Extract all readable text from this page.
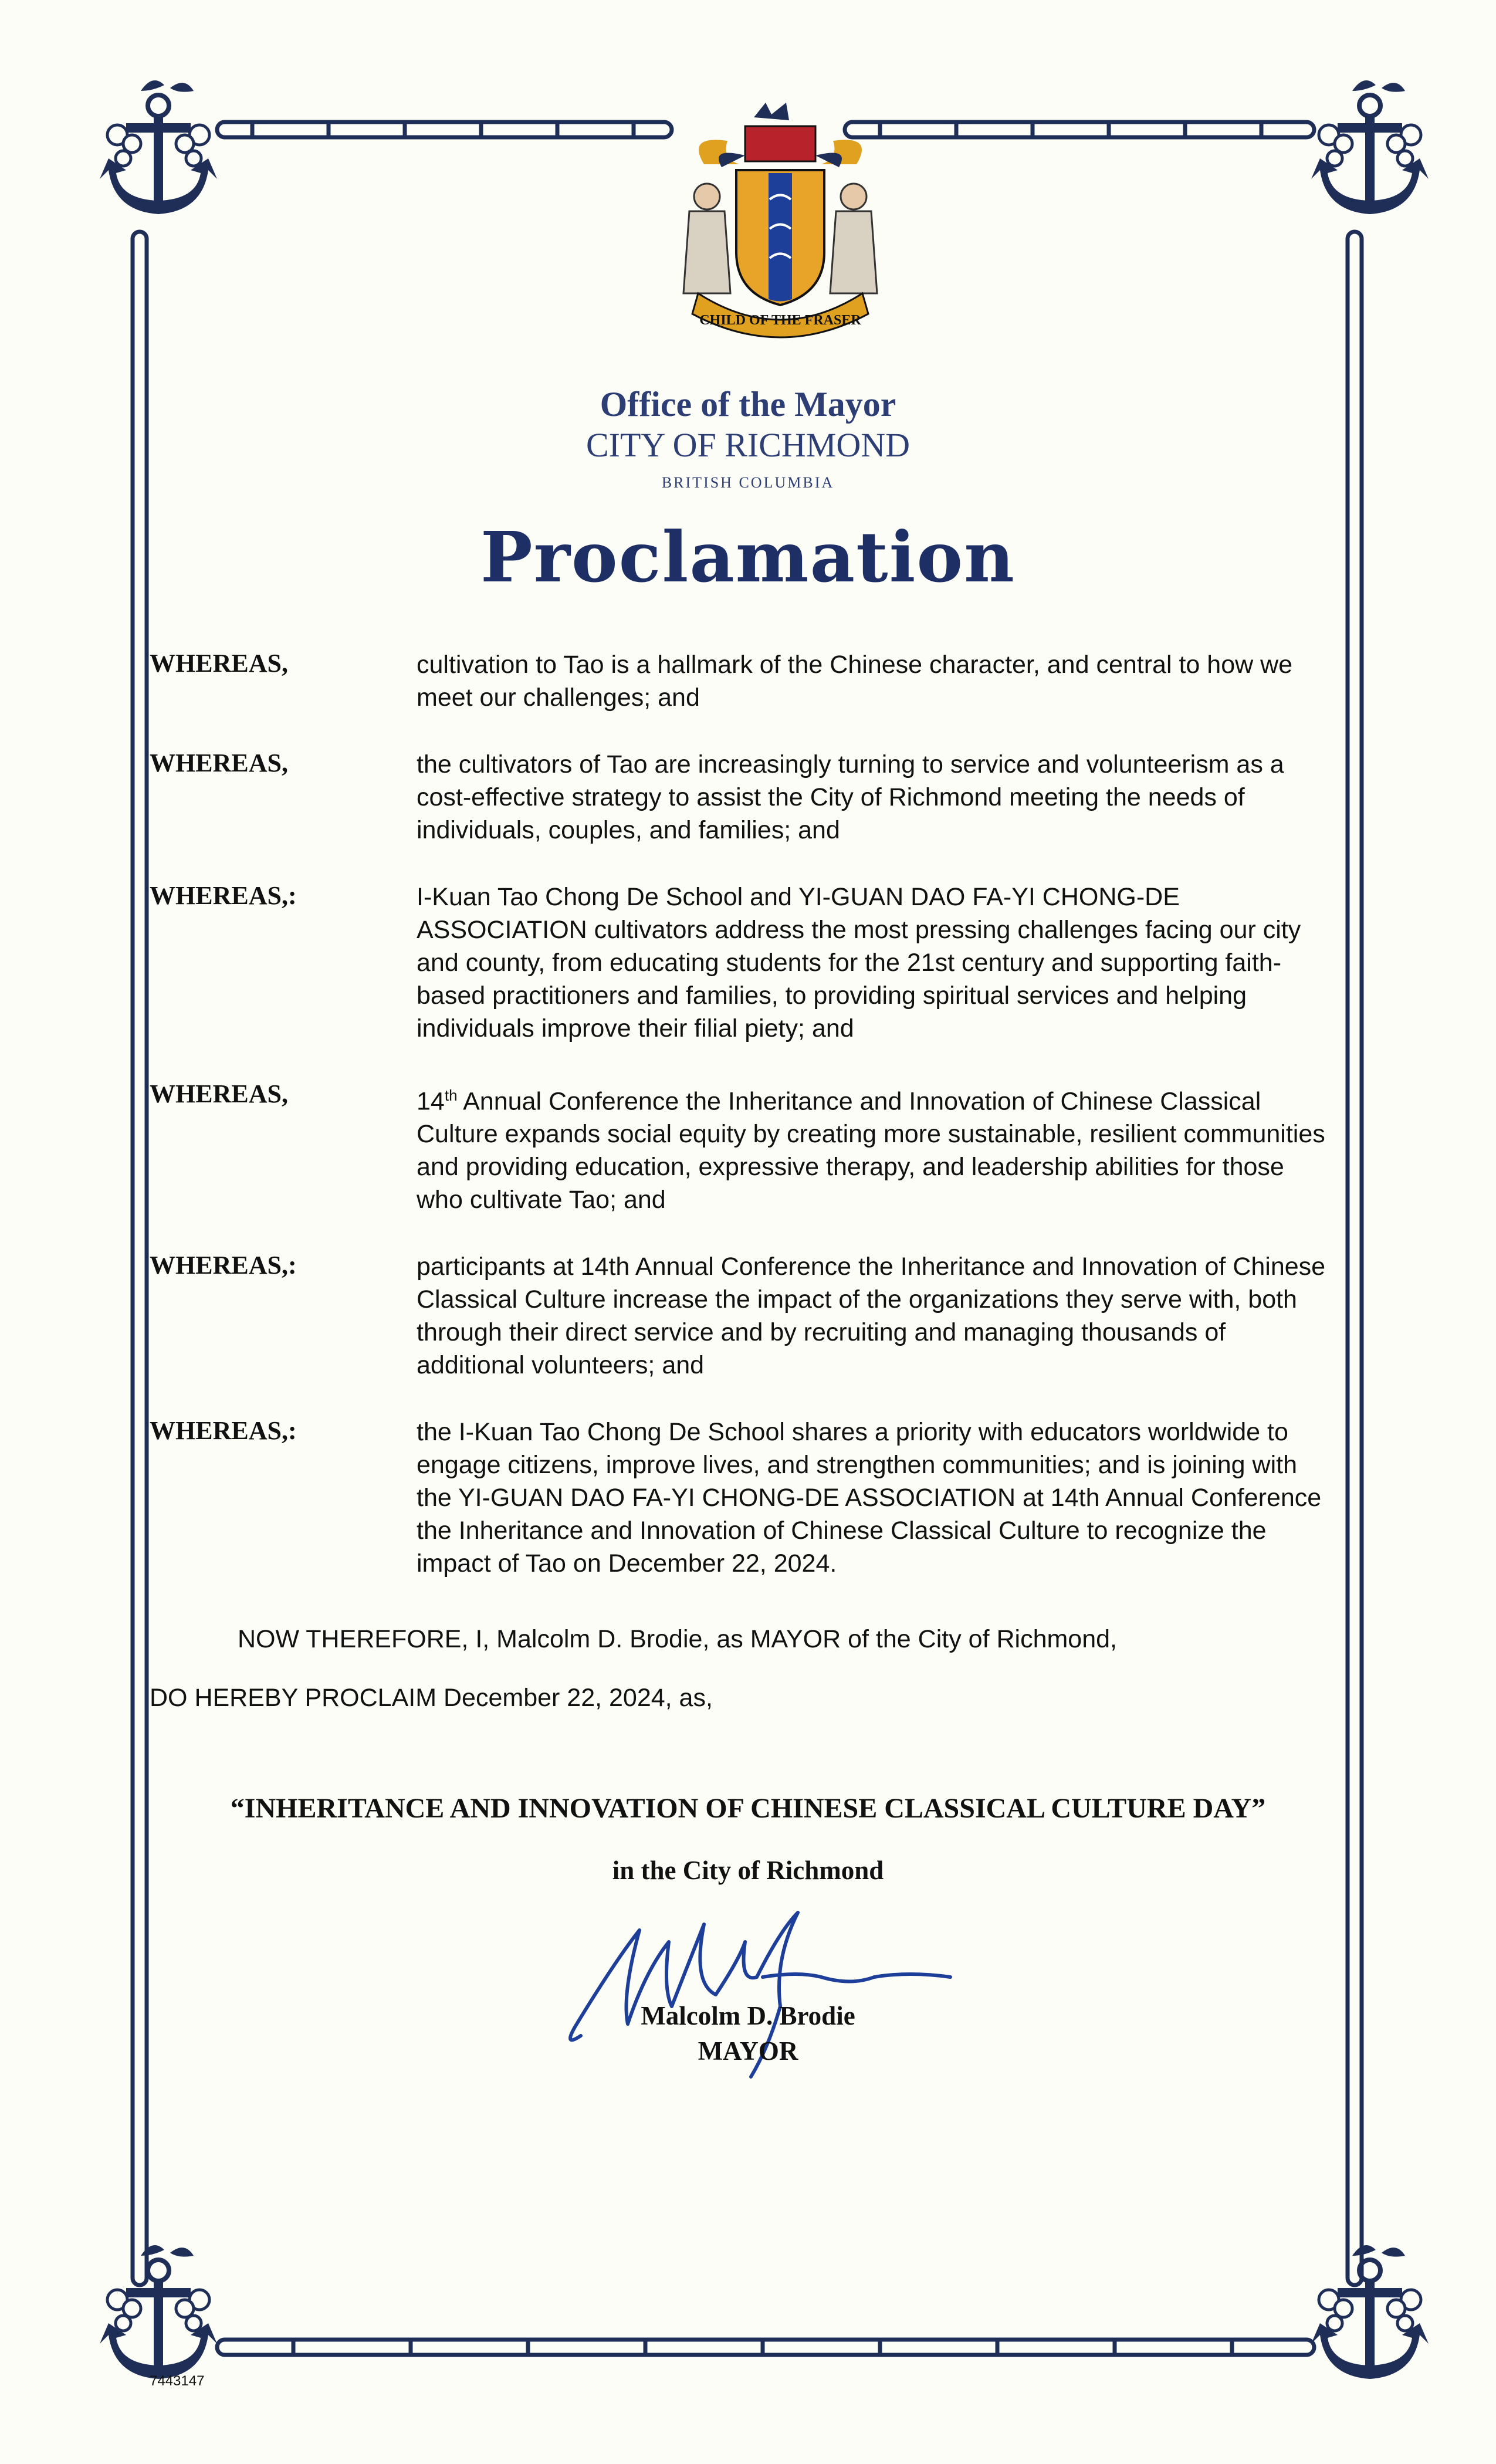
CHILD OF THE FRASER
Office of the Mayor
CITY OF RICHMOND
BRITISH COLUMBIA
Proclamation
WHEREAS,	cultivation to Tao is a hallmark of the Chinese character, and central to how we meet our challenges; and
WHEREAS,	the cultivators of Tao are increasingly turning to service and volunteerism as a cost-effective strategy to assist the City of Richmond meeting the needs of individuals, couples, and families; and
WHEREAS,:	I-Kuan Tao Chong De School and YI-GUAN DAO FA-YI CHONG-DE ASSOCIATION cultivators address the most pressing challenges facing our city and county, from educating students for the 21st century and supporting faith-based practitioners and families, to providing spiritual services and helping individuals improve their filial piety; and
WHEREAS,	14th Annual Conference the Inheritance and Innovation of Chinese Classical Culture expands social equity by creating more sustainable, resilient communities and providing education, expressive therapy, and leadership abilities for those who cultivate Tao; and
WHEREAS,:	participants at 14th Annual Conference the Inheritance and Innovation of Chinese Classical Culture increase the impact of the organizations they serve with, both through their direct service and by recruiting and managing thousands of additional volunteers; and
WHEREAS,:	the I-Kuan Tao Chong De School shares a priority with educators worldwide to engage citizens, improve lives, and strengthen communities; and is joining with the YI-GUAN DAO FA-YI CHONG-DE ASSOCIATION at 14th Annual Conference the Inheritance and Innovation of Chinese Classical Culture to recognize the impact of Tao on December 22, 2024.
NOW THEREFORE, I, Malcolm D. Brodie, as MAYOR of the City of Richmond,
DO HEREBY PROCLAIM December 22, 2024, as,
“INHERITANCE AND INNOVATION OF CHINESE CLASSICAL CULTURE DAY”
in the City of Richmond
Malcolm D. Brodie
MAYOR
7443147
